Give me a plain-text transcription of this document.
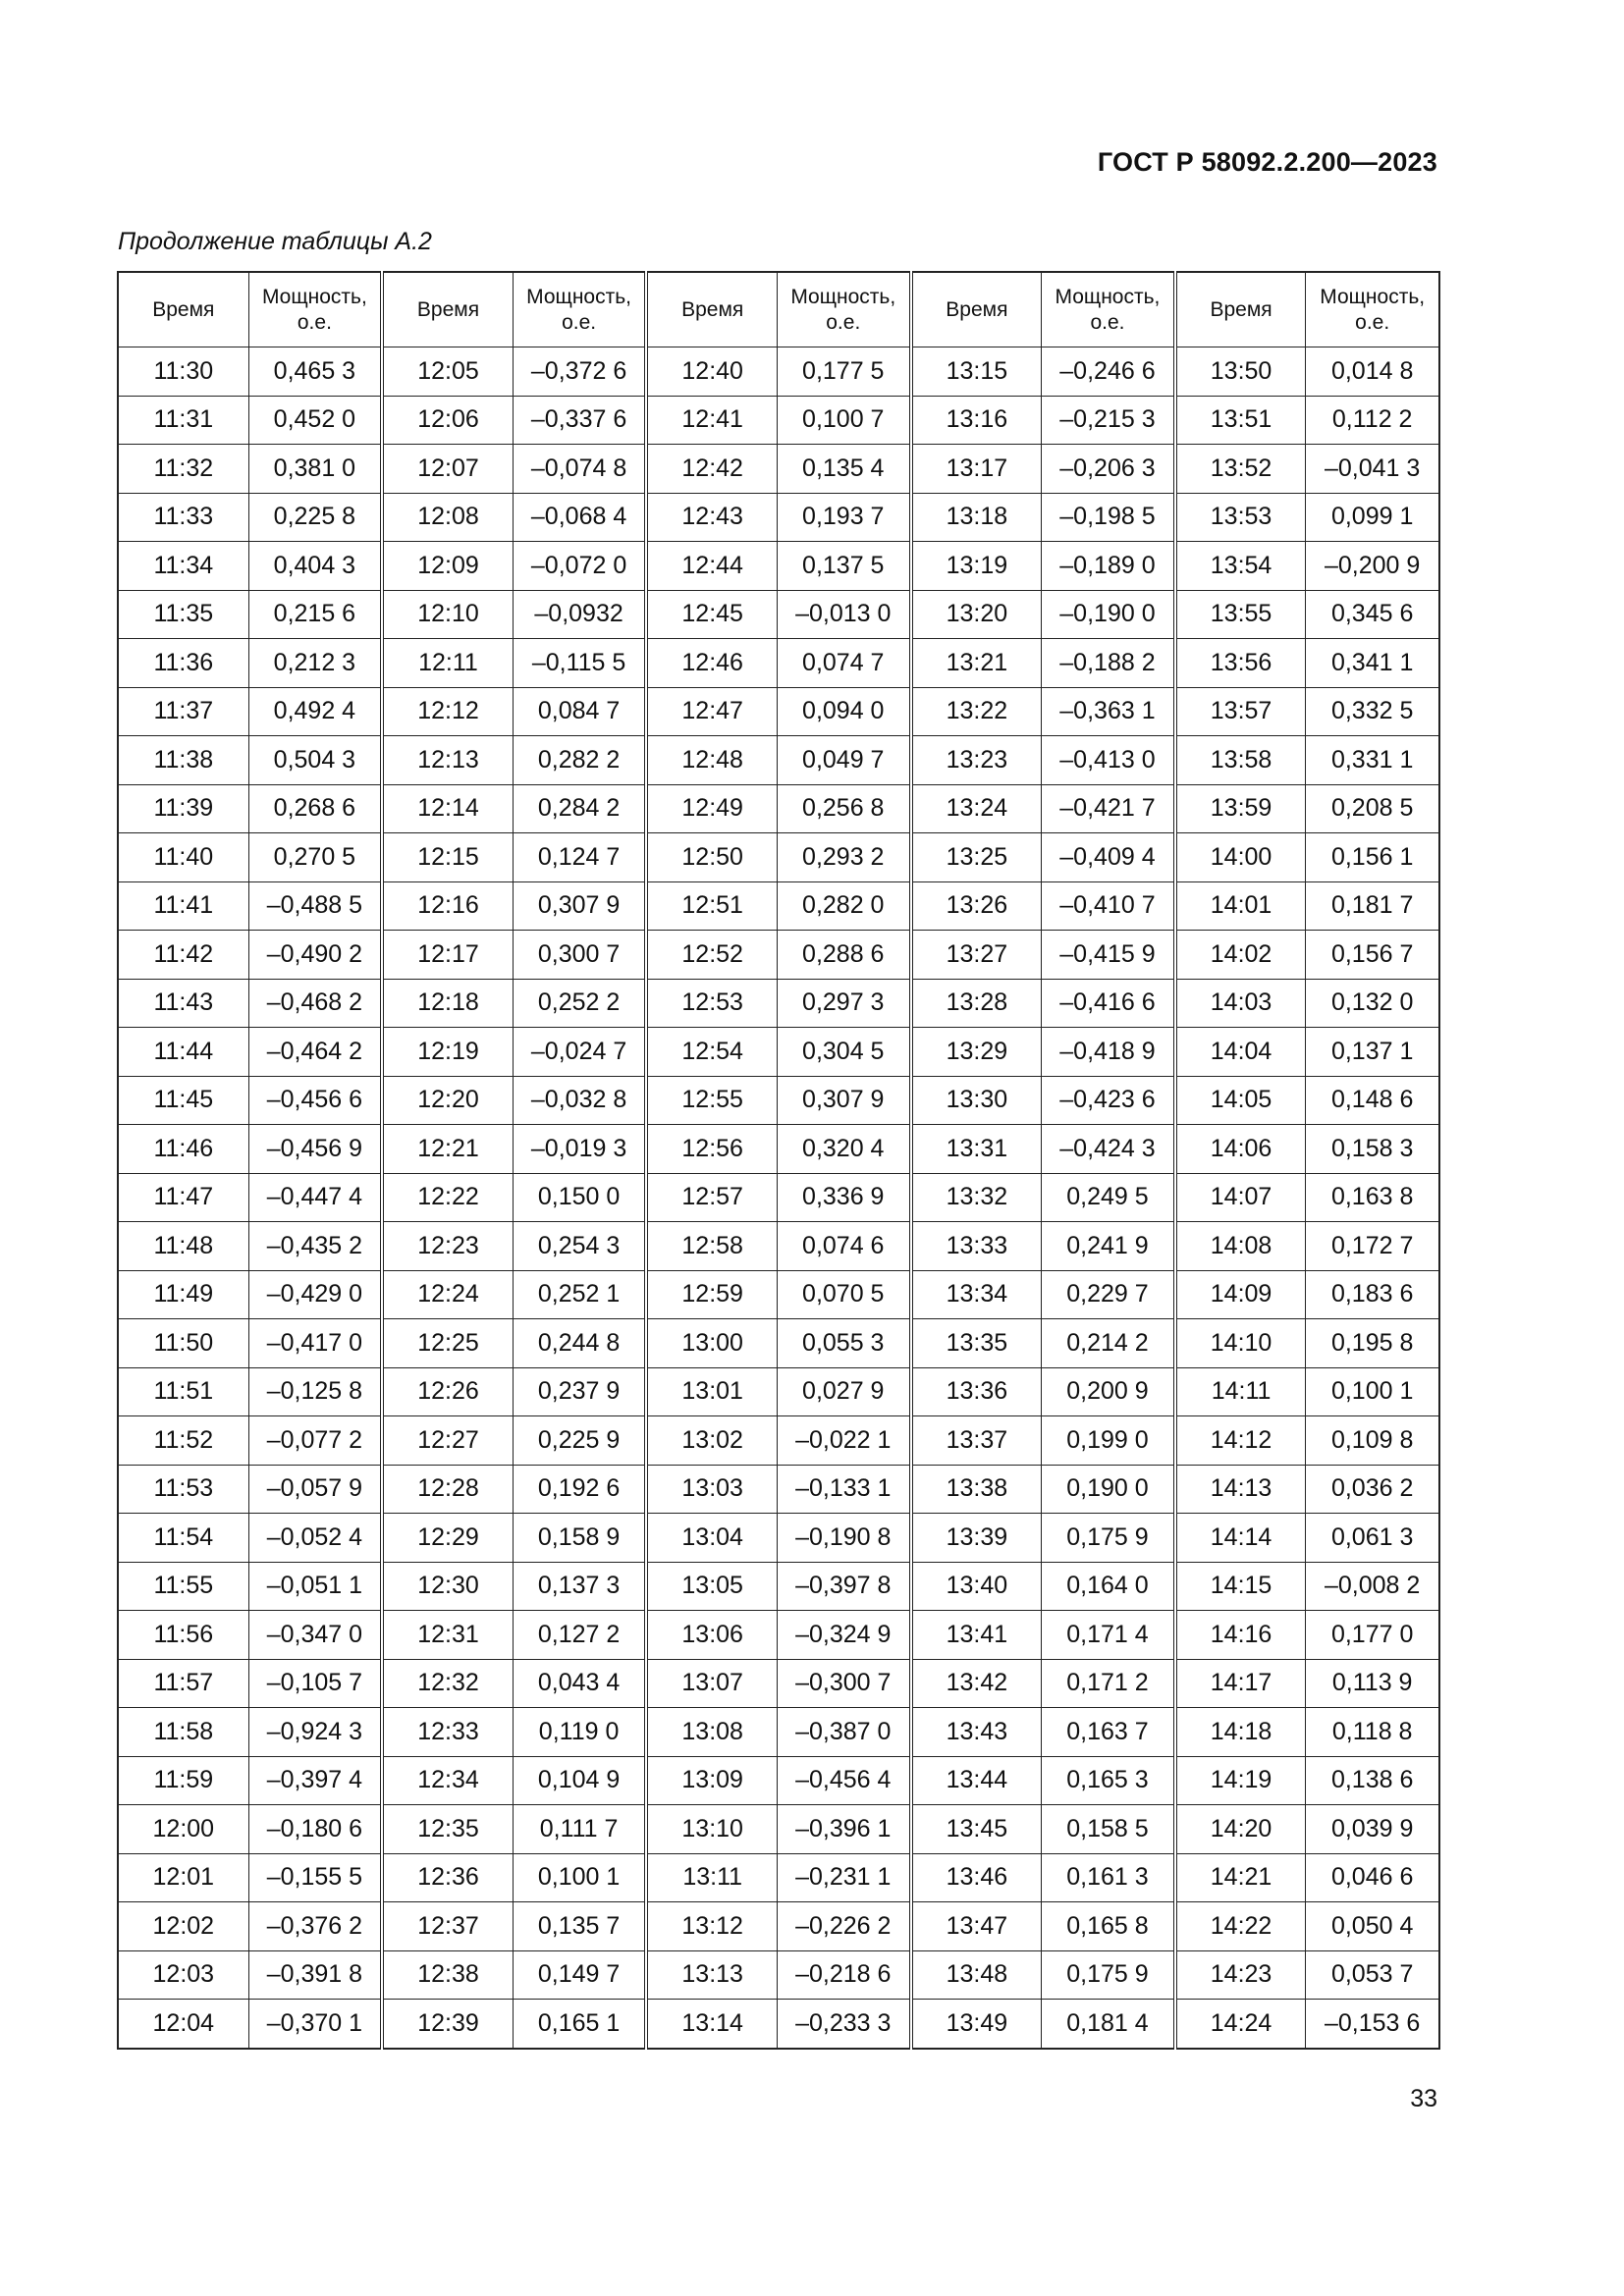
ГОСТ Р 58092.2.200—2023
Продолжение таблицы А.2
Время	Мощность, о.е.	Время	Мощность, о.е.	Время	Мощность, о.е.	Время	Мощность, о.е.	Время	Мощность, о.е.
11:30	0,465 3	12:05	–0,372 6	12:40	0,177 5	13:15	–0,246 6	13:50	0,014 8
11:31	0,452 0	12:06	–0,337 6	12:41	0,100 7	13:16	–0,215 3	13:51	0,112 2
11:32	0,381 0	12:07	–0,074 8	12:42	0,135 4	13:17	–0,206 3	13:52	–0,041 3
11:33	0,225 8	12:08	–0,068 4	12:43	0,193 7	13:18	–0,198 5	13:53	0,099 1
11:34	0,404 3	12:09	–0,072 0	12:44	0,137 5	13:19	–0,189 0	13:54	–0,200 9
11:35	0,215 6	12:10	–0,0932	12:45	–0,013 0	13:20	–0,190 0	13:55	0,345 6
11:36	0,212 3	12:11	–0,115 5	12:46	0,074 7	13:21	–0,188 2	13:56	0,341 1
11:37	0,492 4	12:12	0,084 7	12:47	0,094 0	13:22	–0,363 1	13:57	0,332 5
11:38	0,504 3	12:13	0,282 2	12:48	0,049 7	13:23	–0,413 0	13:58	0,331 1
11:39	0,268 6	12:14	0,284 2	12:49	0,256 8	13:24	–0,421 7	13:59	0,208 5
11:40	0,270 5	12:15	0,124 7	12:50	0,293 2	13:25	–0,409 4	14:00	0,156 1
11:41	–0,488 5	12:16	0,307 9	12:51	0,282 0	13:26	–0,410 7	14:01	0,181 7
11:42	–0,490 2	12:17	0,300 7	12:52	0,288 6	13:27	–0,415 9	14:02	0,156 7
11:43	–0,468 2	12:18	0,252 2	12:53	0,297 3	13:28	–0,416 6	14:03	0,132 0
11:44	–0,464 2	12:19	–0,024 7	12:54	0,304 5	13:29	–0,418 9	14:04	0,137 1
11:45	–0,456 6	12:20	–0,032 8	12:55	0,307 9	13:30	–0,423 6	14:05	0,148 6
11:46	–0,456 9	12:21	–0,019 3	12:56	0,320 4	13:31	–0,424 3	14:06	0,158 3
11:47	–0,447 4	12:22	0,150 0	12:57	0,336 9	13:32	0,249 5	14:07	0,163 8
11:48	–0,435 2	12:23	0,254 3	12:58	0,074 6	13:33	0,241 9	14:08	0,172 7
11:49	–0,429 0	12:24	0,252 1	12:59	0,070 5	13:34	0,229 7	14:09	0,183 6
11:50	–0,417 0	12:25	0,244 8	13:00	0,055 3	13:35	0,214 2	14:10	0,195 8
11:51	–0,125 8	12:26	0,237 9	13:01	0,027 9	13:36	0,200 9	14:11	0,100 1
11:52	–0,077 2	12:27	0,225 9	13:02	–0,022 1	13:37	0,199 0	14:12	0,109 8
11:53	–0,057 9	12:28	0,192 6	13:03	–0,133 1	13:38	0,190 0	14:13	0,036 2
11:54	–0,052 4	12:29	0,158 9	13:04	–0,190 8	13:39	0,175 9	14:14	0,061 3
11:55	–0,051 1	12:30	0,137 3	13:05	–0,397 8	13:40	0,164 0	14:15	–0,008 2
11:56	–0,347 0	12:31	0,127 2	13:06	–0,324 9	13:41	0,171 4	14:16	0,177 0
11:57	–0,105 7	12:32	0,043 4	13:07	–0,300 7	13:42	0,171 2	14:17	0,113 9
11:58	–0,924 3	12:33	0,119 0	13:08	–0,387 0	13:43	0,163 7	14:18	0,118 8
11:59	–0,397 4	12:34	0,104 9	13:09	–0,456 4	13:44	0,165 3	14:19	0,138 6
12:00	–0,180 6	12:35	0,111 7	13:10	–0,396 1	13:45	0,158 5	14:20	0,039 9
12:01	–0,155 5	12:36	0,100 1	13:11	–0,231 1	13:46	0,161 3	14:21	0,046 6
12:02	–0,376 2	12:37	0,135 7	13:12	–0,226 2	13:47	0,165 8	14:22	0,050 4
12:03	–0,391 8	12:38	0,149 7	13:13	–0,218 6	13:48	0,175 9	14:23	0,053 7
12:04	–0,370 1	12:39	0,165 1	13:14	–0,233 3	13:49	0,181 4	14:24	–0,153 6
33
